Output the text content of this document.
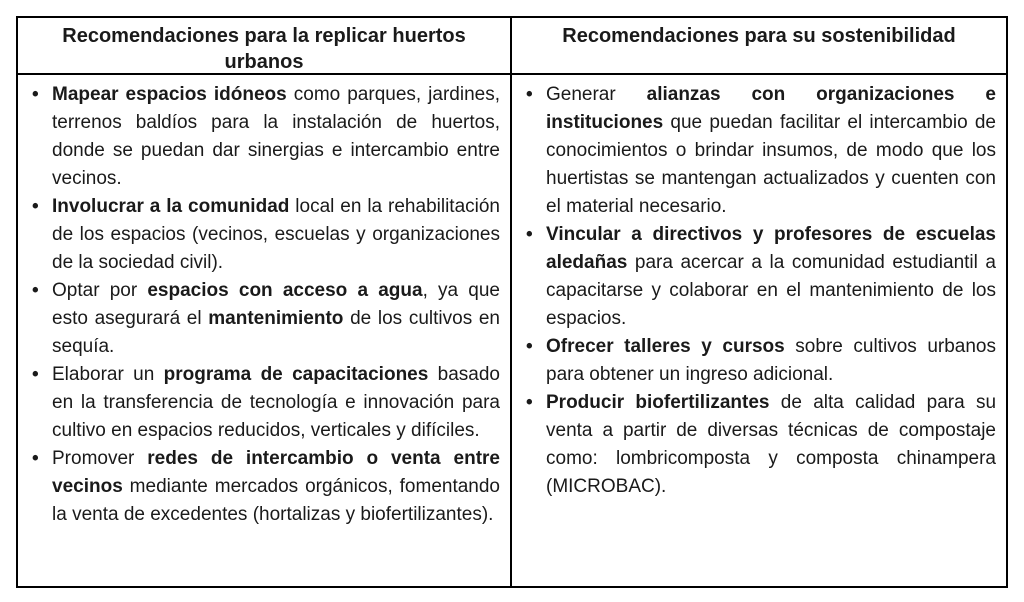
Recomendaciones para la replicar huertos urbanos
Recomendaciones para su sostenibilidad
• Mapear espacios idóneos como parques, jardines, terrenos baldíos para la instalación de huertos, donde se puedan dar sinergias e intercambio entre vecinos.
• Involucrar a la comunidad local en la rehabilitación de los espacios (vecinos, escuelas y organizaciones de la sociedad civil).
• Optar por espacios con acceso a agua, ya que esto asegurará el mantenimiento de los cultivos en sequía.
• Elaborar un programa de capacitaciones basado en la transferencia de tecnología e innovación para cultivo en espacios reducidos, verticales y difíciles.
• Promover redes de intercambio o venta entre vecinos mediante mercados orgánicos, fomentando la venta de excedentes (hortalizas y biofertilizantes).
• Generar alianzas con organizaciones e instituciones que puedan facilitar el intercambio de conocimientos o brindar insumos, de modo que los huertistas se mantengan actualizados y cuenten con el material necesario.
• Vincular a directivos y profesores de escuelas aledañas para acercar a la comunidad estudiantil a capacitarse y colaborar en el mantenimiento de los espacios.
• Ofrecer talleres y cursos sobre cultivos urbanos para obtener un ingreso adicional.
• Producir biofertilizantes de alta calidad para su venta a partir de diversas técnicas de compostaje como: lombricomposta y composta chinampera (MICROBAC).
